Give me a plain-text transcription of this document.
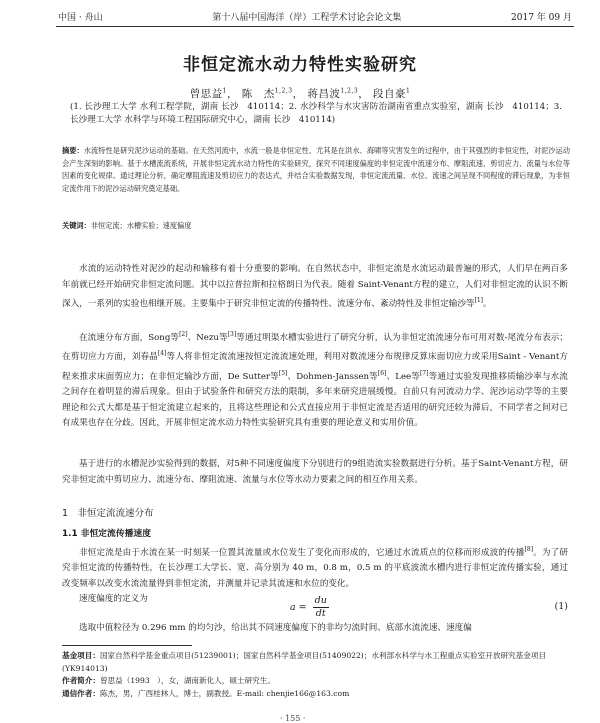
中国 · 舟山	第十八届中国海洋（岸）工程学术讨论会论文集	2017 年 09 月
非恒定流水动力特性实验研究
曾思益$^1$， 陈　杰$^{1,2,3}$， 蒋昌波$^{1,2,3}$， 段自豪$^1$
(1. 长沙理工大学 水利工程学院，湖南 长沙　410114；2. 水沙科学与水灾害防治湖南省重点实验室，湖南 长沙　410114；3. 长沙理工大学 水科学与环境工程国际研究中心，湖南 长沙　410114)
摘要：水流特性是研究泥沙运动的基础。在天然河流中，水流一般是非恒定性、尤其是在洪水、海啸等灾害发生的过程中，由于其强烈的非恒定性，对泥沙运动会产生深刻的影响。基于水槽流流系统，开展非恒定流水动力特性的实验研究，探究不同速度偏度的非恒定流中流速分布、摩阻流速、剪切应力、流量与水位等因素的变化规律。通过理论分析，确定摩阻流速及剪切应力的表达式，并结合实验数据发现，非恒定流流量、水位、流速之间呈现不同程度的滞后现象，为非恒定流作用下的泥沙运动研究奠定基础。
关键词：非恒定流；水槽实验；速度偏度
水流的运动特性对泥沙的起动和输移有着十分重要的影响。在自然状态中，非恒定流是水流运动最普遍的形式，人们早在两百多年前就已经开始研究非恒定流问题。其中以拉普拉斯和拉格朗日为代表。随着 Saint-Venant方程的建立，人们对非恒定流的认识不断深入，一系列的实验也相继开展。主要集中于研究非恒定流的传播特性、流速分布、紊动特性及非恒定输沙等[1]。
在流速分布方面，Song等[2]、Nezu等[3]等通过明渠水槽实验进行了研究分析，认为非恒定流流速分布可用对数-尾流分布表示；在剪切应力方面，刘春晶[4]等人将非恒定流流速按恒定流流速处理，利用对数流速分布规律反算床面切应力或采用Saint - Venant方程来推求床面剪应力；在非恒定输沙方面，De Sutter等[5]、Dohmen-Janssen等[6]、Lee等[7]等通过实验发现推移质输沙率与水流之间存在着明显的滞后现象。但由于试验条件和研究方法的限制，多年来研究进展缓慢。自前只有河流动力学、泥沙运动学等的主要理论和公式大都是基于恒定流建立起来的，且将这些理论和公式直接应用于非恒定流是否适用的研究还较为滞后，不同学者之间对已有成果也存在分歧。因此，开展非恒定流水动力特性实验研究具有重要的理论意义和实用价值。
基于进行的水槽泥沙实验得到的数据，对5种不同速度偏度下分别进行的9组造流实验数据进行分析。基于Saint-Venant方程，研究非恒定流中剪切应力、流速分布、摩阻流速、流量与水位等水动力要素之间的相互作用关系。
1　非恒定流流速分布
1.1 非恒定流传播速度
非恒定流是由于水流在某一时刻某一位置其流量或水位发生了变化而形成的，它通过水流质点的位移而形成波的传播[8]。为了研究非恒定流的传播特性，在长沙理工大学长、宽、高分别为 40 m，0.8 m，0.5 m 的平底波流水槽内进行非恒定流传播实验，通过改变频率以改变水流流量得到非恒定流，并测量并记录其流速和水位的变化。
速度偏度的定义为
$a = \frac{du}{dt}$	(1)
选取中值粒径为 0.296 mm 的均匀沙，给出其不同速度偏度下的非均匀流时间、底部水流流速、速度偏
基金项目：国家自然科学基金重点项目(51239001)；国家自然科学基金项目(51409022)；水利部水科学与水工程重点实验室开放研究基金项目(YK914013)
作者简介：曾思益（1993　），女，湖南新化人，硕士研究生。
通信作者：陈杰，男，广西桂林人，博士，副教授。E-mail: chenjie166@163.com
· 155 ·
